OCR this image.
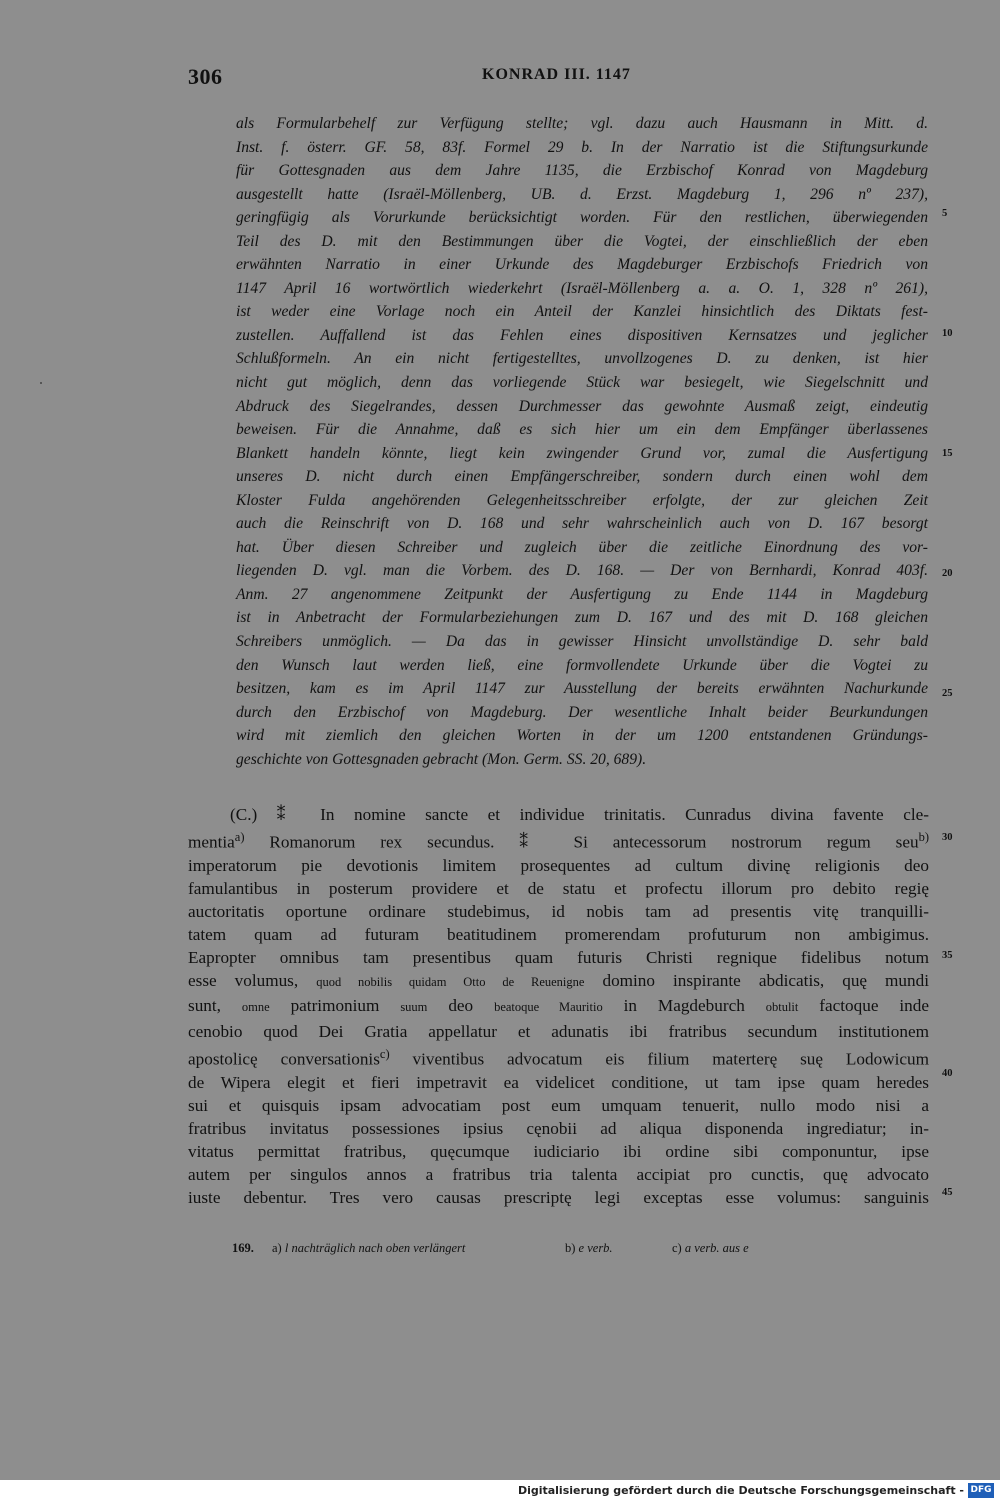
306	KONRAD III. 1147
als Formularbehelf zur Verfügung stellte; vgl. dazu auch Hausmann in Mitt. d.
Inst. f. österr. GF. 58, 83f. Formel 29 b. In der Narratio ist die Stiftungsurkunde
für Gottesgnaden aus dem Jahre 1135, die Erzbischof Konrad von Magdeburg
ausgestellt hatte (Israël-Möllenberg, UB. d. Erzst. Magdeburg 1, 296 nº 237),
geringfügig als Vorurkunde berücksichtigt worden. Für den restlichen, überwiegenden
Teil des D. mit den Bestimmungen über die Vogtei, der einschließlich der eben
erwähnten Narratio in einer Urkunde des Magdeburger Erzbischofs Friedrich von
1147 April 16 wortwörtlich wiederkehrt (Israël-Möllenberg a. a. O. 1, 328 nº 261),
ist weder eine Vorlage noch ein Anteil der Kanzlei hinsichtlich des Diktats fest-
zustellen. Auffallend ist das Fehlen eines dispositiven Kernsatzes und jeglicher
Schlußformeln. An ein nicht fertigestelltes, unvollzogenes D. zu denken, ist hier
nicht gut möglich, denn das vorliegende Stück war besiegelt, wie Siegelschnitt und
Abdruck des Siegelrandes, dessen Durchmesser das gewohnte Ausmaß zeigt, eindeutig
beweisen. Für die Annahme, daß es sich hier um ein dem Empfänger überlassenes
Blankett handeln könnte, liegt kein zwingender Grund vor, zumal die Ausfertigung
unseres D. nicht durch einen Empfängerschreiber, sondern durch einen wohl dem
Kloster Fulda angehörenden Gelegenheitsschreiber erfolgte, der zur gleichen Zeit
auch die Reinschrift von D. 168 und sehr wahrscheinlich auch von D. 167 besorgt
hat. Über diesen Schreiber und zugleich über die zeitliche Einordnung des vor-
liegenden D. vgl. man die Vorbem. des D. 168. — Der von Bernhardi, Konrad 403f.
Anm. 27 angenommene Zeitpunkt der Ausfertigung zu Ende 1144 in Magdeburg
ist in Anbetracht der Formularbeziehungen zum D. 167 und des mit D. 168 gleichen
Schreibers unmöglich. — Da das in gewisser Hinsicht unvollständige D. sehr bald
den Wunsch laut werden ließ, eine formvollendete Urkunde über die Vogtei zu
besitzen, kam es im April 1147 zur Ausstellung der bereits erwähnten Nachurkunde
durch den Erzbischof von Magdeburg. Der wesentliche Inhalt beider Beurkundungen
wird mit ziemlich den gleichen Worten in der um 1200 entstandenen Gründungs-
geschichte von Gottesgnaden gebracht (Mon. Germ. SS. 20, 689).
(C.) ⁑ In nomine sancte et individue trinitatis. Cunradus divina favente cle-
mentia$^{a)}$ Romanorum rex secundus. ⁑ Si antecessorum nostrorum regum seu$^{b)}$
imperatorum pie devotionis limitem prosequentes ad cultum divinę religionis deo
famulantibus in posterum providere et de statu et profectu illorum pro debito regię
auctoritatis oportune ordinare studebimus, id nobis tam ad presentis vitę tranquilli-
tatem quam ad futuram beatitudinem promerendam profuturum non ambigimus.
Eapropter omnibus tam presentibus quam futuris Christi regnique fidelibus notum
esse volumus, quod nobilis quidam Otto de Reuenigne domino inspirante abdicatis, quę mundi
sunt, omne patrimonium suum deo beatoque Mauritio in Magdeburch obtulit factoque inde
cenobio quod Dei Gratia appellatur et adunatis ibi fratribus secundum institutionem
apostolicę conversationis$^{c)}$ viventibus advocatum eis filium materterę suę Lodowicum
de Wipera elegit et fieri impetravit ea videlicet conditione, ut tam ipse quam heredes
sui et quisquis ipsam advocatiam post eum umquam tenuerit, nullo modo nisi a
fratribus invitatus possessiones ipsius cęnobii ad aliqua disponenda ingrediatur; in-
vitatus permittat fratribus, quęcumque iudiciario ibi ordine sibi componuntur, ipse
autem per singulos annos a fratribus tria talenta accipiat pro cunctis, quę advocato
iuste debentur. Tres vero causas prescriptę legi exceptas esse volumus: sanguinis
5
10
15
20
25
30
35
40
45
169. a) l nachträglich nach oben verlängert	b) e verb.	c) a verb. aus e
Digitalisierung gefördert durch die Deutsche Forschungsgemeinschaft - DFG
